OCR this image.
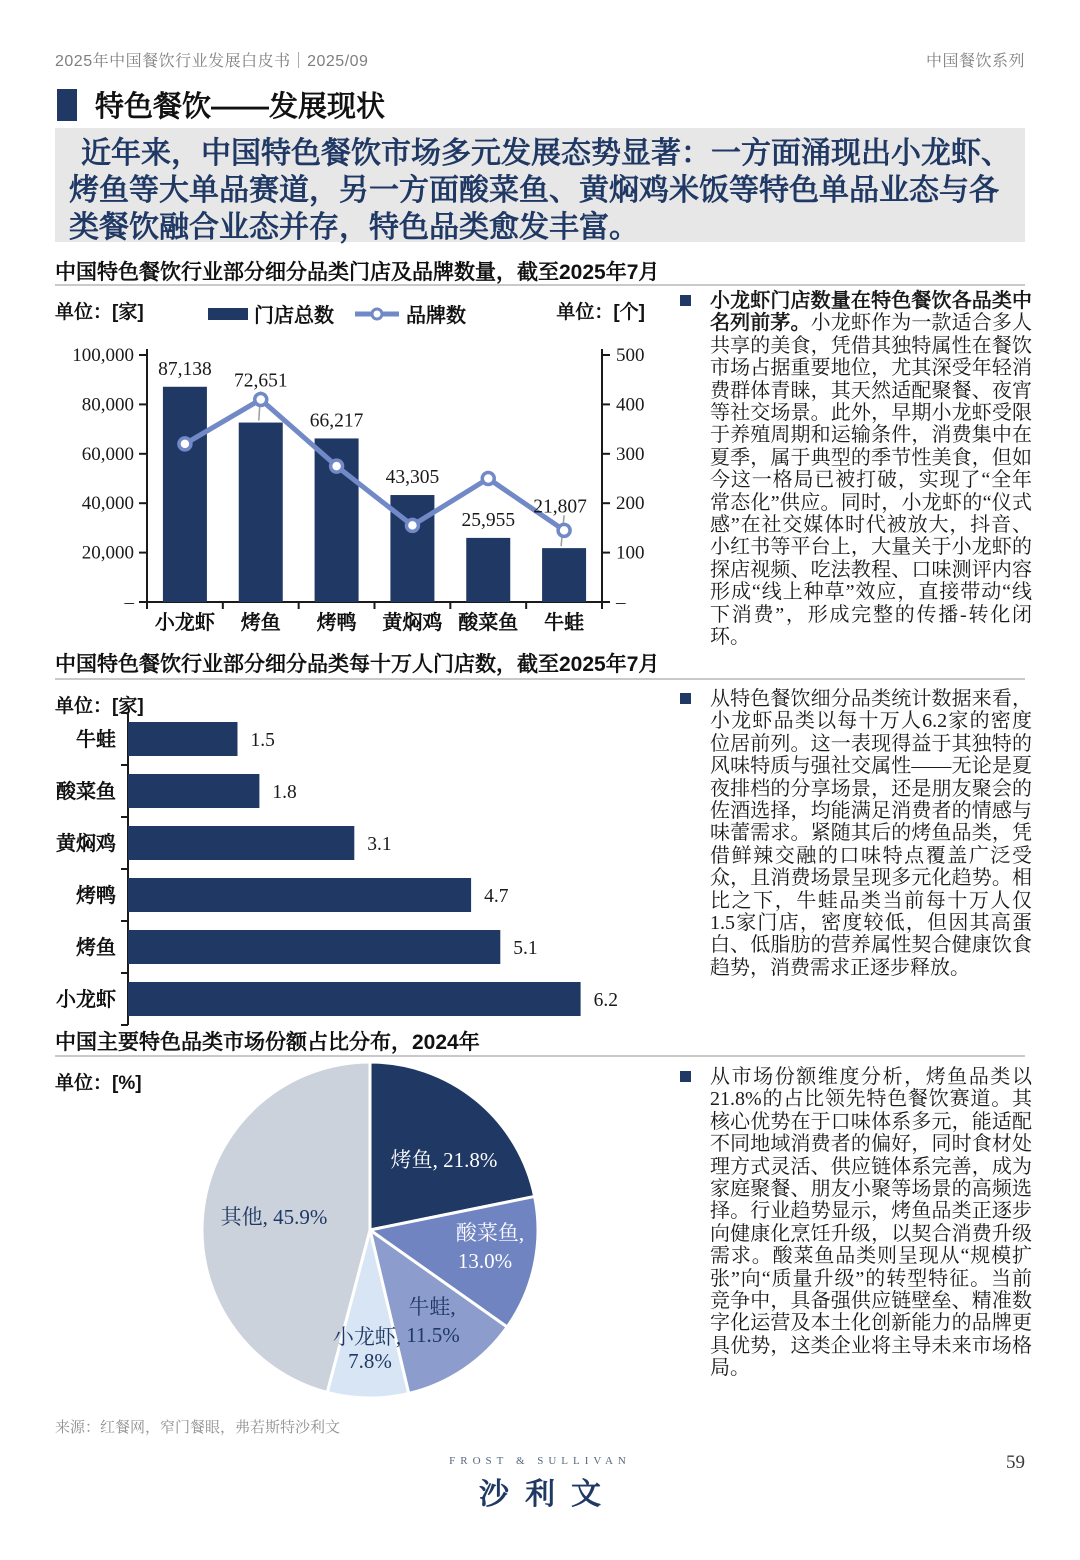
2025年中国餐饮行业发展白皮书｜2025/09	中国餐饮系列
特色餐饮——发展现状
近年来，中国特色餐饮市场多元发展态势显著：一方面涌现出小龙虾、烤鱼等大单品赛道，另一方面酸菜鱼、黄焖鸡米饭等特色单品业态与各类餐饮融合业态并存，特色品类愈发丰富。
中国特色餐饮行业部分细分品类门店及品牌数量，截至2025年7月
单位：[家]	门店总数	品牌数	单位：[个]
100,000	500
80,000	400
60,000	300
40,000	200
20,000	100
–	–
小龙虾 烤鱼 烤鸭 黄焖鸡 酸菜鱼 牛蛙
87,138
72,651
66,217
43,305
25,955
21,807
小龙虾门店数量在特色餐饮各品类中名列前茅。小龙虾作为一款适合多人共享的美食，凭借其独特属性在餐饮市场占据重要地位，尤其深受年轻消费群体青睐，其天然适配聚餐、夜宵等社交场景。此外，早期小龙虾受限于养殖周期和运输条件，消费集中在夏季，属于典型的季节性美食，但如今这一格局已被打破，实现了“全年常态化”供应。同时，小龙虾的“仪式感”在社交媒体时代被放大，抖音、小红书等平台上，大量关于小龙虾的探店视频、吃法教程、口味测评内容形成“线上种草”效应，直接带动“线下消费”，形成完整的传播-转化闭环。
中国特色餐饮行业部分细分品类每十万人门店数，截至2025年7月
单位：[家]
牛蛙	1.5
酸菜鱼	1.8
黄焖鸡	3.1
烤鸭	4.7
烤鱼	5.1
小龙虾	6.2
从特色餐饮细分品类统计数据来看，小龙虾品类以每十万人6.2家的密度位居前列。这一表现得益于其独特的风味特质与强社交属性——无论是夏夜排档的分享场景，还是朋友聚会的佐酒选择，均能满足消费者的情感与味蕾需求。紧随其后的烤鱼品类，凭借鲜辣交融的口味特点覆盖广泛受众，且消费场景呈现多元化趋势。相比之下，牛蛙品类当前每十万人仅1.5家门店，密度较低，但因其高蛋白、低脂肪的营养属性契合健康饮食趋势，消费需求正逐步释放。
中国主要特色品类市场份额占比分布，2024年
单位：[%]
烤鱼, 21.8%
酸菜鱼,
13.0%
牛蛙,
11.5%
小龙虾,
7.8%
其他, 45.9%
从市场份额维度分析，烤鱼品类以21.8%的占比领先特色餐饮赛道。其核心优势在于口味体系多元，能适配不同地域消费者的偏好，同时食材处理方式灵活、供应链体系完善，成为家庭聚餐、朋友小聚等场景的高频选择。行业趋势显示，烤鱼品类正逐步向健康化烹饪升级，以契合消费升级需求。酸菜鱼品类则呈现从“规模扩张”向“质量升级”的转型特征。当前竞争中，具备强供应链壁垒、精准数字化运营及本土化创新能力的品牌更具优势，这类企业将主导未来市场格局。
来源：红餐网，窄门餐眼，弗若斯特沙利文
FROST & SULLIVAN
沙利文
59
